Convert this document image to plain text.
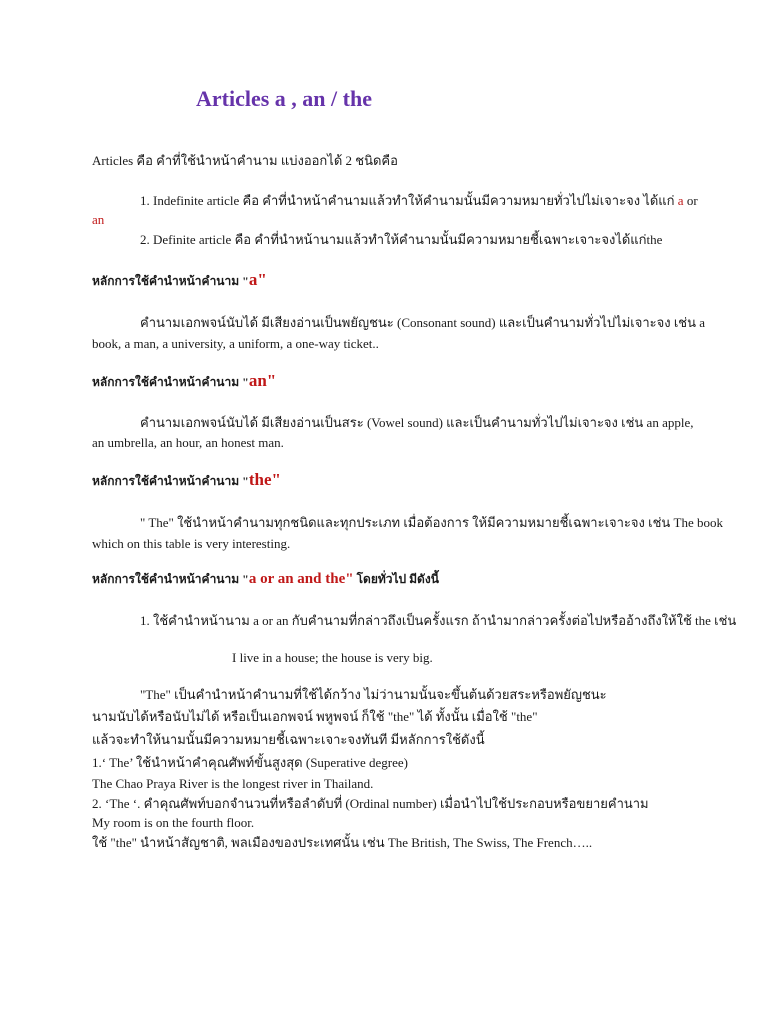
Articles a , an / the
Articles คือ คำที่ใช้นำหน้าคำนาม แบ่งออกได้ 2 ชนิดคือ
1. Indefinite article คือ คำที่นำหน้าคำนามแล้วทำให้คำนามนั้นมีความหมายทั่วไปไม่เจาะจง ได้แก่ a or
an
2. Definite article คือ คำที่นำหน้านามแล้วทำให้คำนามนั้นมีความหมายชี้เฉพาะเจาะจงได้แก่the
หลักการใช้คำนำหน้าคำนาม "a"
คำนามเอกพจน์นับได้ มีเสียงอ่านเป็นพยัญชนะ (Consonant sound) และเป็นคำนามทั่วไปไม่เจาะจง เช่น a
book, a man, a university, a uniform, a one-way ticket..
หลักการใช้คำนำหน้าคำนาม "an"
คำนามเอกพจน์นับได้ มีเสียงอ่านเป็นสระ (Vowel sound) และเป็นคำนามทั่วไปไม่เจาะจง เช่น an apple,
an umbrella, an hour, an honest man.
หลักการใช้คำนำหน้าคำนาม "the"
" The" ใช้นำหน้าคำนามทุกชนิดและทุกประเภท เมื่อต้องการ ให้มีความหมายชี้เฉพาะเจาะจง เช่น The book
which on this table is very interesting.
หลักการใช้คำนำหน้าคำนาม "a or an and the" โดยทั่วไป มีดังนี้
1. ใช้คำนำหน้านาม a or an กับคำนามที่กล่าวถึงเป็นครั้งแรก ถ้านำมากล่าวครั้งต่อไปหรืออ้างถึงให้ใช้ the เช่น
I live in a house; the house is very big.
"The" เป็นคำนำหน้าคำนามที่ใช้ได้กว้าง ไม่ว่านามนั้นจะขึ้นต้นด้วยสระหรือพยัญชนะ
นามนับได้หรือนับไม่ได้ หรือเป็นเอกพจน์ พหูพจน์ ก็ใช้ "the" ได้ ทั้งนั้น เมื่อใช้ "the"
แล้วจะทำให้นามนั้นมีความหมายชี้เฉพาะเจาะจงทันที มีหลักการใช้ดังนี้
1.‘ The’ ใช้นำหน้าคำคุณศัพท์ขั้นสูงสุด (Superative degree)
The Chao Praya River is the longest river in Thailand.
2. ‘The ‘. คำคุณศัพท์บอกจำนวนที่หรือลำดับที่ (Ordinal number) เมื่อนำไปใช้ประกอบหรือขยายคำนาม
My room is on the fourth floor.
ใช้ "the" นำหน้าสัญชาติ, พลเมืองของประเทศนั้น เช่น The British, The Swiss, The French…..
